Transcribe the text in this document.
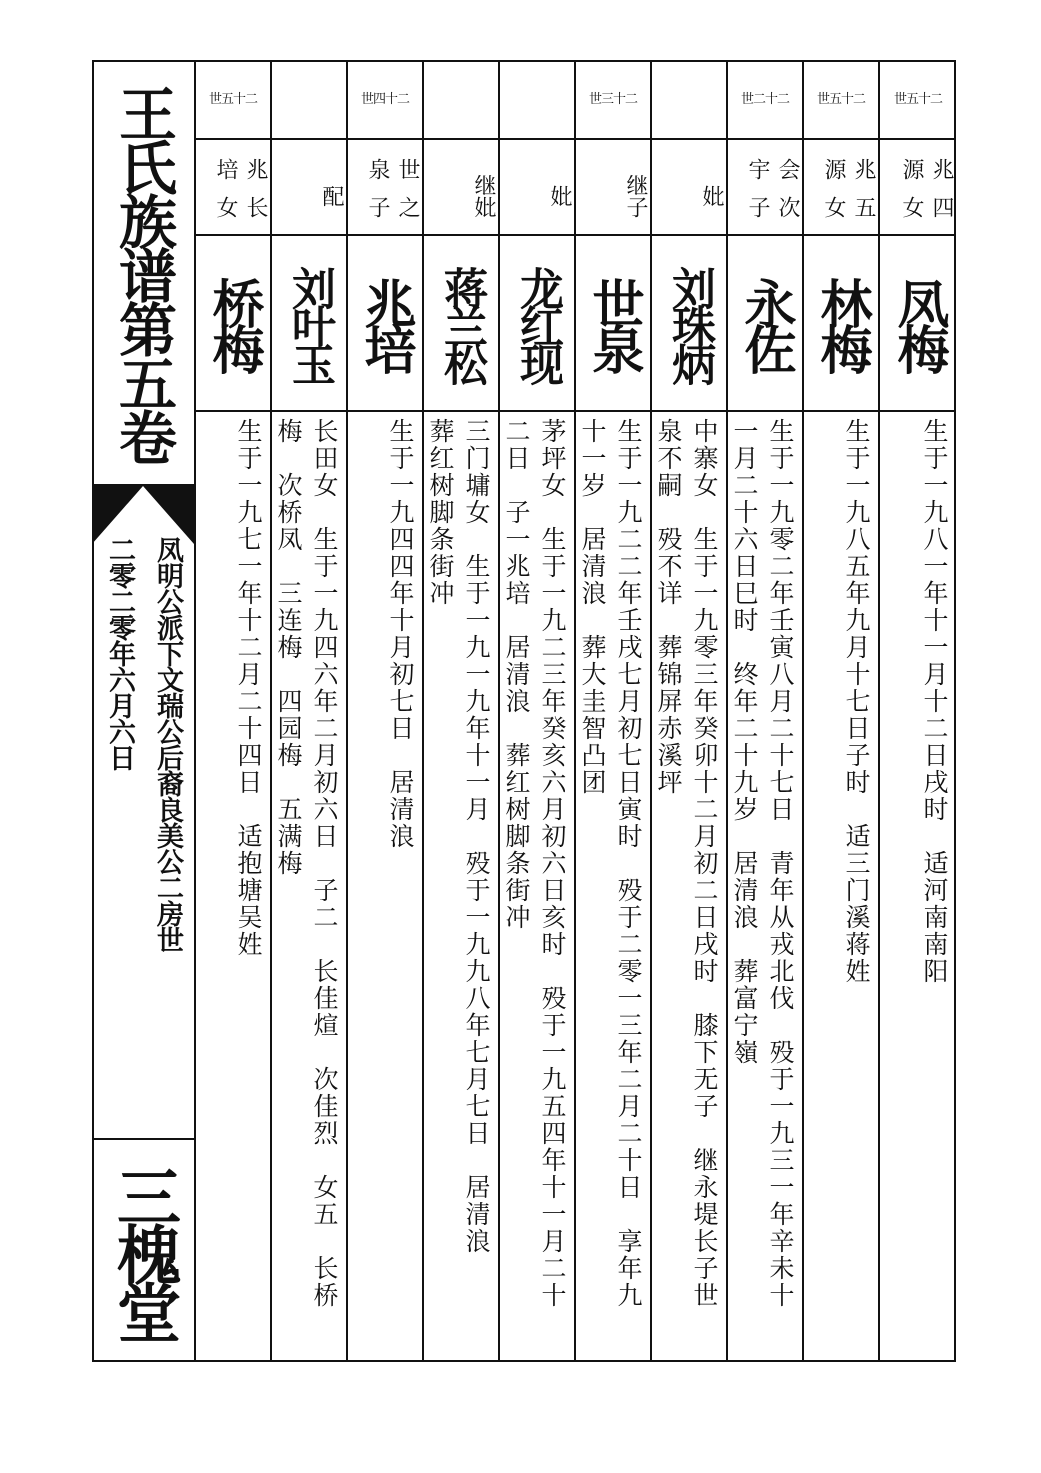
王氏族谱第五卷
凤明公派下文瑞公后裔良美公二房世
二零二零年六月六日
三槐堂
世五十二
兆源
四女
凤梅
生于一九八一年十一月十二日戌时　适河南南阳
世五十二
兆源
五女
林梅
生于一九八五年九月十七日子时　适三门溪蒋姓
世二十二
会宇
次子
永佐
生于一九零二年壬寅八月二十七日　青年从戎北伐　殁于一九三一年辛未十
一月二十六日巳时　终年二十九岁　居清浪　葬富宁嶺
妣
刘珠炳
中寨女　生于一九零三年癸卯十二月初二日戌时　膝下无子　继永堤长子世
泉不嗣　殁不详　葬锦屏赤溪坪
世三十二
继
子
世泉
生于一九二二年壬戌七月初七日寅时　殁于二零一三年二月二十日　享年九
十一岁　居清浪　葬大圭智凸团
妣
龙红现
茅坪女　生于一九二三年癸亥六月初六日亥时　殁于一九五四年十一月二十
二日　子一兆培　居清浪　葬红树脚条街冲
继
妣
蒋兰松
三门墉女　生于一九一九年十一月　殁于一九九八年七月七日　居清浪
葬红树脚条街冲
世四十二
世泉
之子
兆培
生于一九四四年十月初七日　居清浪
配
刘叶玉
长田女　生于一九四六年二月初六日　子二　长佳煊　次佳烈　女五　长桥
梅　次桥凤　三连梅　四园梅　五满梅
世五十二
兆培
长女
桥梅
生于一九七一年十二月二十四日　适抱塘吴姓
